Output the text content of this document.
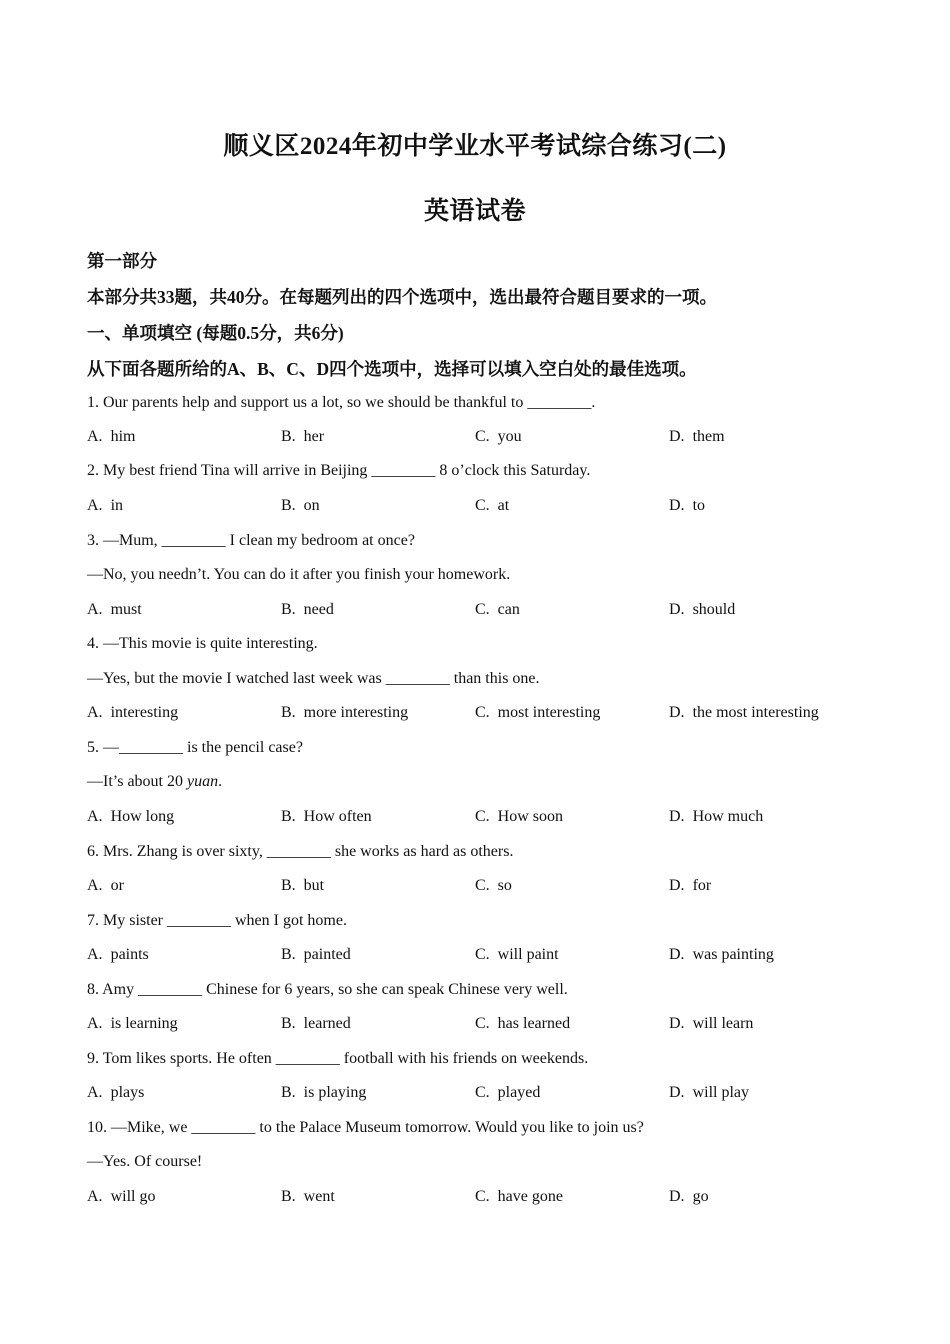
顺义区2024年初中学业水平考试综合练习(二)
英语试卷
第一部分
本部分共33题，共40分。在每题列出的四个选项中，选出最符合题目要求的一项。
一、单项填空 (每题0.5分，共6分)
从下面各题所给的A、B、C、D四个选项中，选择可以填入空白处的最佳选项。
1. Our parents help and support us a lot, so we should be thankful to ________.
A. him	B. her	C. you	D. them
2. My best friend Tina will arrive in Beijing ________ 8 o’clock this Saturday.
A. in	B. on	C. at	D. to
3. —Mum, ________ I clean my bedroom at once?
—No, you needn’t. You can do it after you finish your homework.
A. must	B. need	C. can	D. should
4. —This movie is quite interesting.
—Yes, but the movie I watched last week was ________ than this one.
A. interesting	B. more interesting	C. most interesting	D. the most interesting
5. —________ is the pencil case?
—It’s about 20 yuan.
A. How long	B. How often	C. How soon	D. How much
6. Mrs. Zhang is over sixty, ________ she works as hard as others.
A. or	B. but	C. so	D. for
7. My sister ________ when I got home.
A. paints	B. painted	C. will paint	D. was painting
8. Amy ________ Chinese for 6 years, so she can speak Chinese very well.
A. is learning	B. learned	C. has learned	D. will learn
9. Tom likes sports. He often ________ football with his friends on weekends.
A. plays	B. is playing	C. played	D. will play
10. —Mike, we ________ to the Palace Museum tomorrow. Would you like to join us?
—Yes. Of course!
A. will go	B. went	C. have gone	D. go
